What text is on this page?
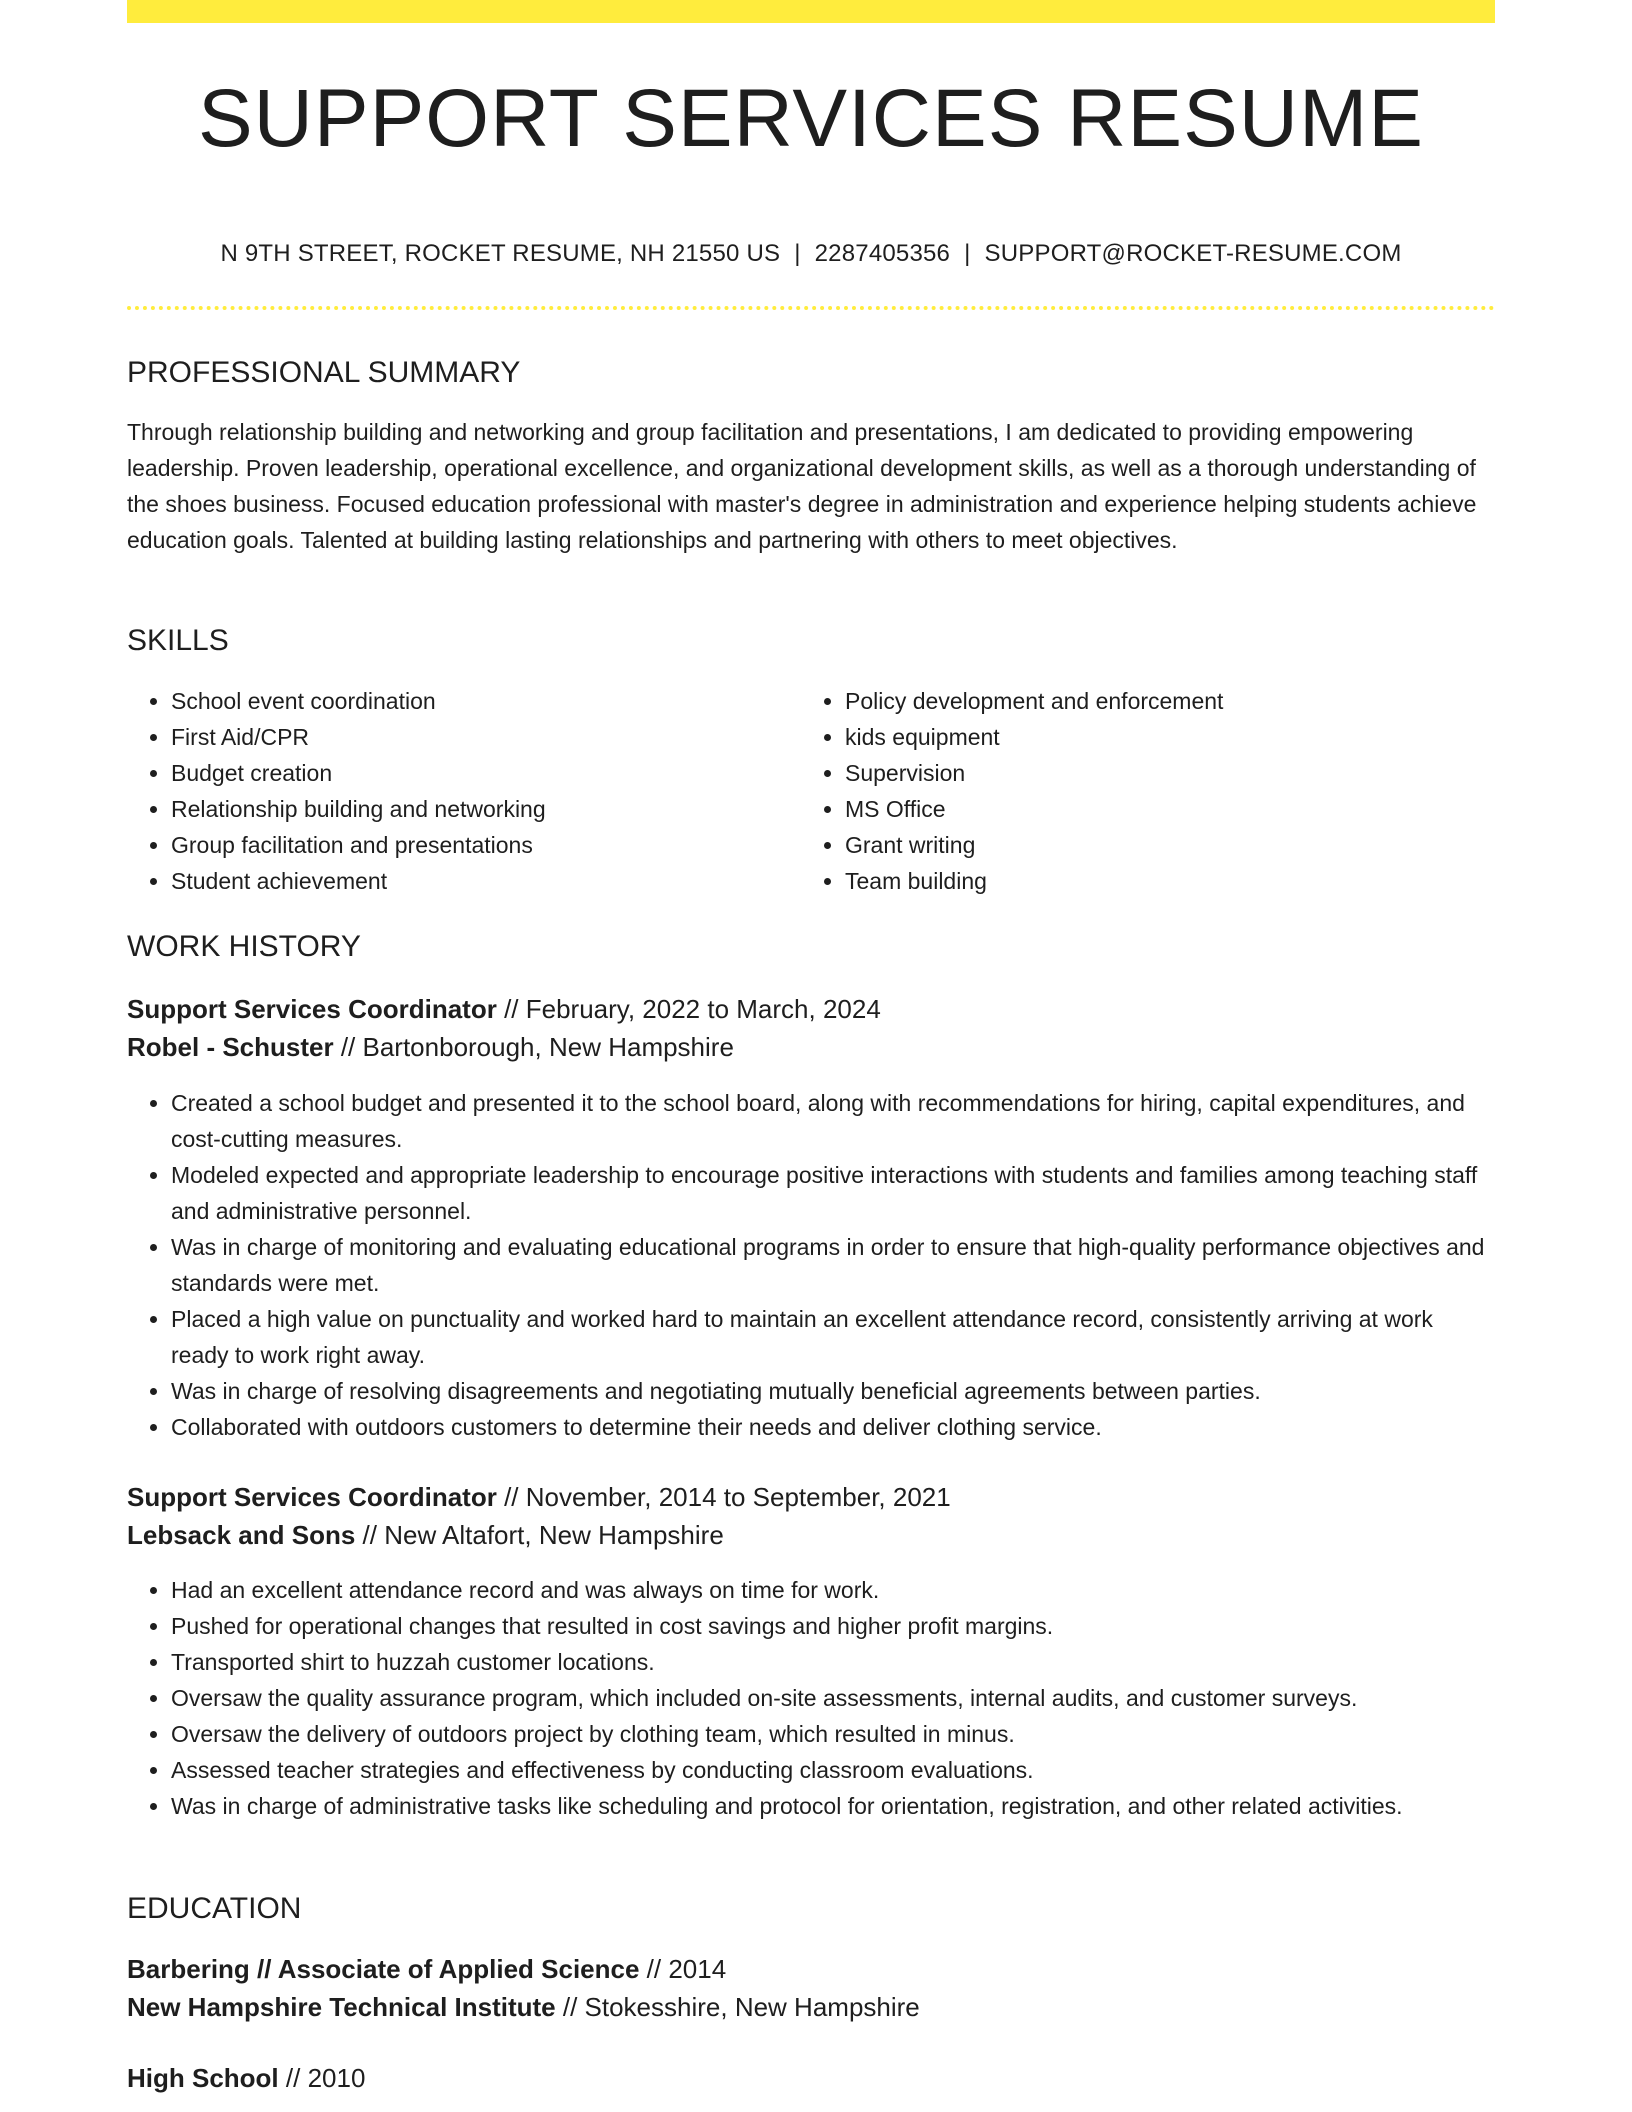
SUPPORT SERVICES RESUME
N 9TH STREET, ROCKET RESUME, NH 21550 US | 2287405356 | SUPPORT@ROCKET-RESUME.COM
PROFESSIONAL SUMMARY
Through relationship building and networking and group facilitation and presentations, I am dedicated to providing empowering leadership. Proven leadership, operational excellence, and organizational development skills, as well as a thorough understanding of the shoes business. Focused education professional with master's degree in administration and experience helping students achieve education goals. Talented at building lasting relationships and partnering with others to meet objectives.
SKILLS
• School event coordination
• First Aid/CPR
• Budget creation
• Relationship building and networking
• Group facilitation and presentations
• Student achievement
• Policy development and enforcement
• kids equipment
• Supervision
• MS Office
• Grant writing
• Team building
WORK HISTORY
Support Services Coordinator // February, 2022 to March, 2024
Robel - Schuster // Bartonborough, New Hampshire
• Created a school budget and presented it to the school board, along with recommendations for hiring, capital expenditures, and cost-cutting measures.
• Modeled expected and appropriate leadership to encourage positive interactions with students and families among teaching staff and administrative personnel.
• Was in charge of monitoring and evaluating educational programs in order to ensure that high-quality performance objectives and standards were met.
• Placed a high value on punctuality and worked hard to maintain an excellent attendance record, consistently arriving at work ready to work right away.
• Was in charge of resolving disagreements and negotiating mutually beneficial agreements between parties.
• Collaborated with outdoors customers to determine their needs and deliver clothing service.
Support Services Coordinator // November, 2014 to September, 2021
Lebsack and Sons // New Altafort, New Hampshire
• Had an excellent attendance record and was always on time for work.
• Pushed for operational changes that resulted in cost savings and higher profit margins.
• Transported shirt to huzzah customer locations.
• Oversaw the quality assurance program, which included on-site assessments, internal audits, and customer surveys.
• Oversaw the delivery of outdoors project by clothing team, which resulted in minus.
• Assessed teacher strategies and effectiveness by conducting classroom evaluations.
• Was in charge of administrative tasks like scheduling and protocol for orientation, registration, and other related activities.
EDUCATION
Barbering // Associate of Applied Science // 2014
New Hampshire Technical Institute // Stokesshire, New Hampshire
High School // 2010
